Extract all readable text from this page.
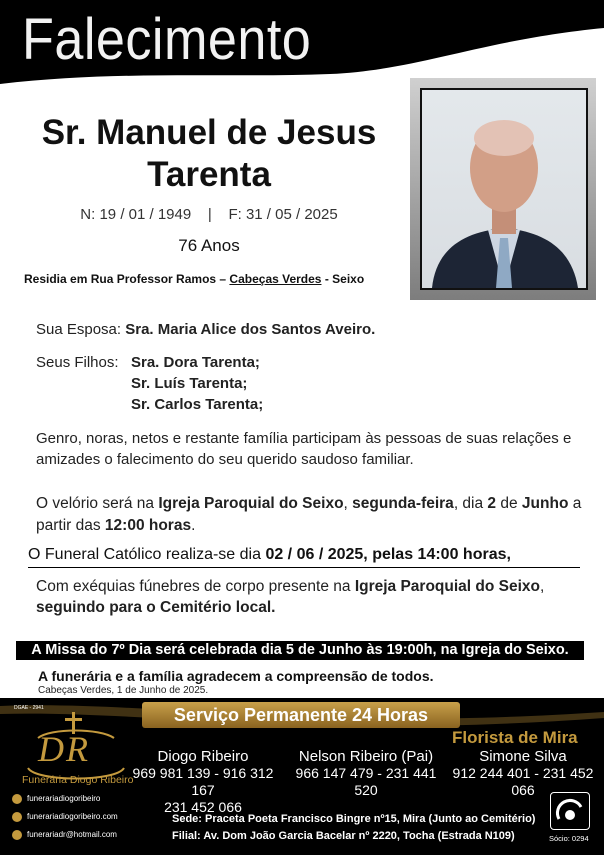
Falecimento
Sr. Manuel de Jesus
Tarenta
N: 19 / 01 / 1949    |    F: 31 / 05 / 2025
76 Anos
Residia em Rua Professor Ramos – Cabeças Verdes - Seixo
Sua Esposa: Sra. Maria Alice dos Santos Aveiro.
Seus Filhos: Sra. Dora Tarenta;
Sr. Luís Tarenta;
Sr. Carlos Tarenta;
Genro, noras, netos e restante família participam às pessoas de suas relações e amizades o falecimento do seu querido saudoso familiar.
O velório será na Igreja Paroquial do Seixo, segunda-feira, dia 2 de Junho a partir das 12:00 horas.
O Funeral Católico realiza-se dia 02 / 06 / 2025, pelas 14:00 horas,
Com exéquias fúnebres de corpo presente na Igreja Paroquial do Seixo,
seguindo para o Cemitério local.
A Missa do 7º Dia será celebrada dia 5 de Junho às 19:00h, na Igreja do Seixo.
A funerária e a família agradecem a compreensão de todos.
Cabeças Verdes, 1 de Junho de 2025.
DGAE - 2941	Serviço Permanente 24 Horas
DR
Funerária Diogo Ribeiro
funerariadiogoribeiro
funerariadiogoribeiro.com
funerariadr@hotmail.com
Diogo Ribeiro
969 981 139 - 916 312 167
231 452 066
Nelson Ribeiro (Pai)
966 147 479 - 231 441 520
Florista de Mira
Simone Silva
912 244 401 - 231 452 066
Sede: Praceta Poeta Francisco Bingre nº15, Mira (Junto ao Cemitério)
Filial: Av. Dom João Garcia Bacelar nº 2220, Tocha (Estrada N109)	Sócio: 0294
